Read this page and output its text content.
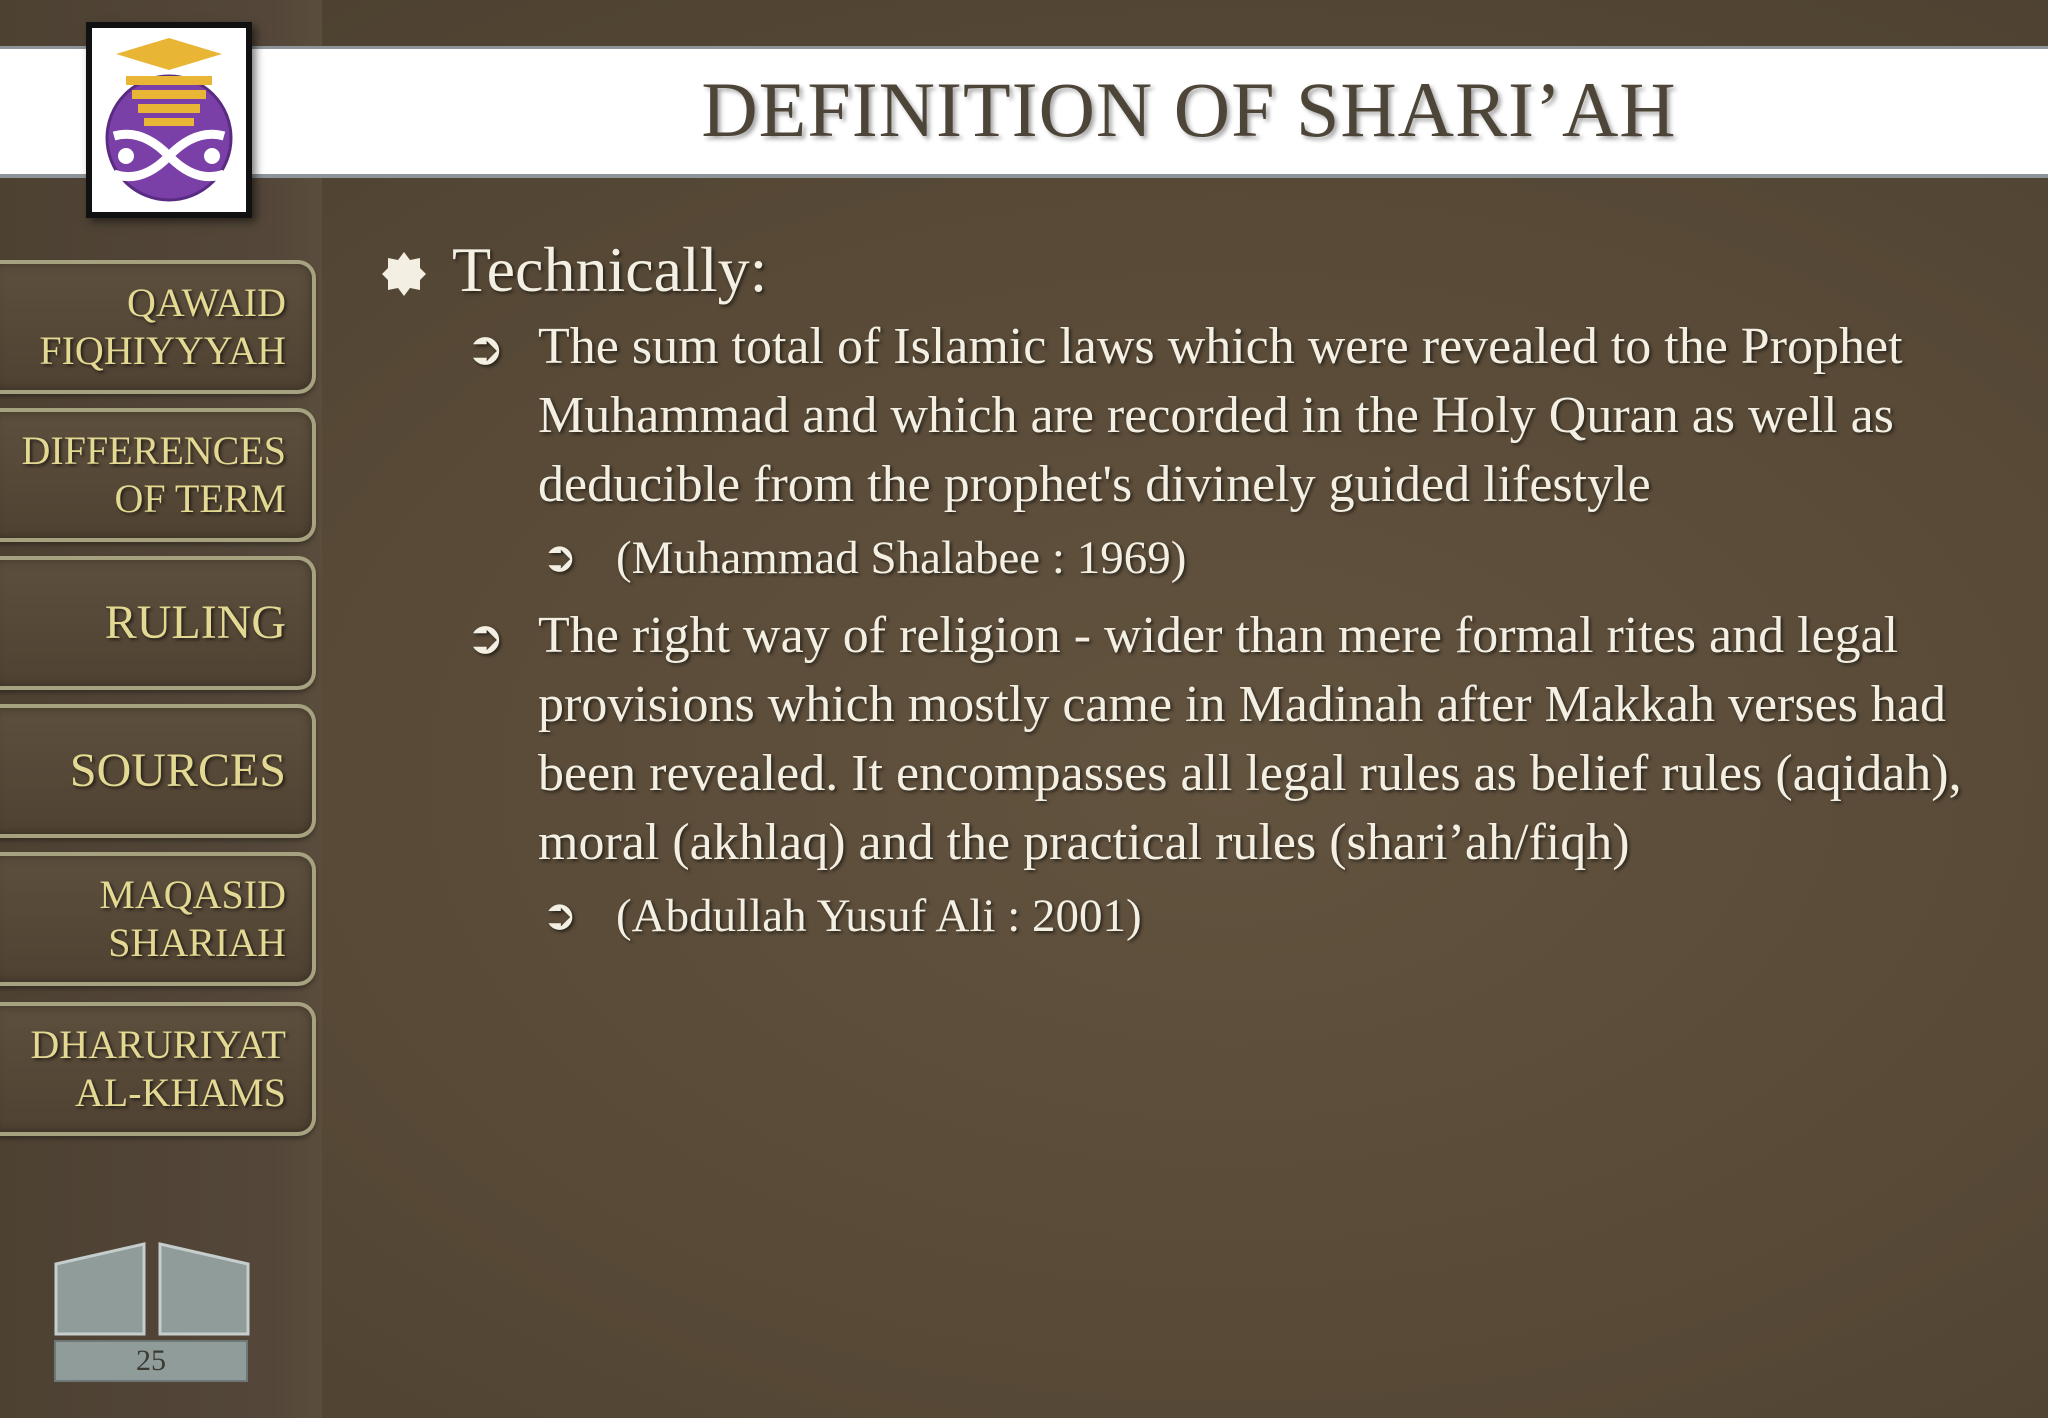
DEFINITION OF SHARI’AH
QAWAID
FIQHIYYYAH
DIFFERENCES
OF TERM
RULING
SOURCES
MAQASID
SHARIAH
DHARURIYAT
AL-KHAMS
Technically:
➲ The sum total of Islamic laws which were revealed to the Prophet Muhammad and which are recorded in the Holy Quran as well as deducible from the prophet's divinely guided lifestyle
➲ (Muhammad Shalabee : 1969)
➲ The right way of religion - wider than mere formal rites and legal provisions which mostly came in Madinah after Makkah verses had been revealed. It encompasses all legal rules as belief rules (aqidah), moral (akhlaq) and the practical rules (shari’ah/fiqh)
➲ (Abdullah Yusuf Ali : 2001)
25
